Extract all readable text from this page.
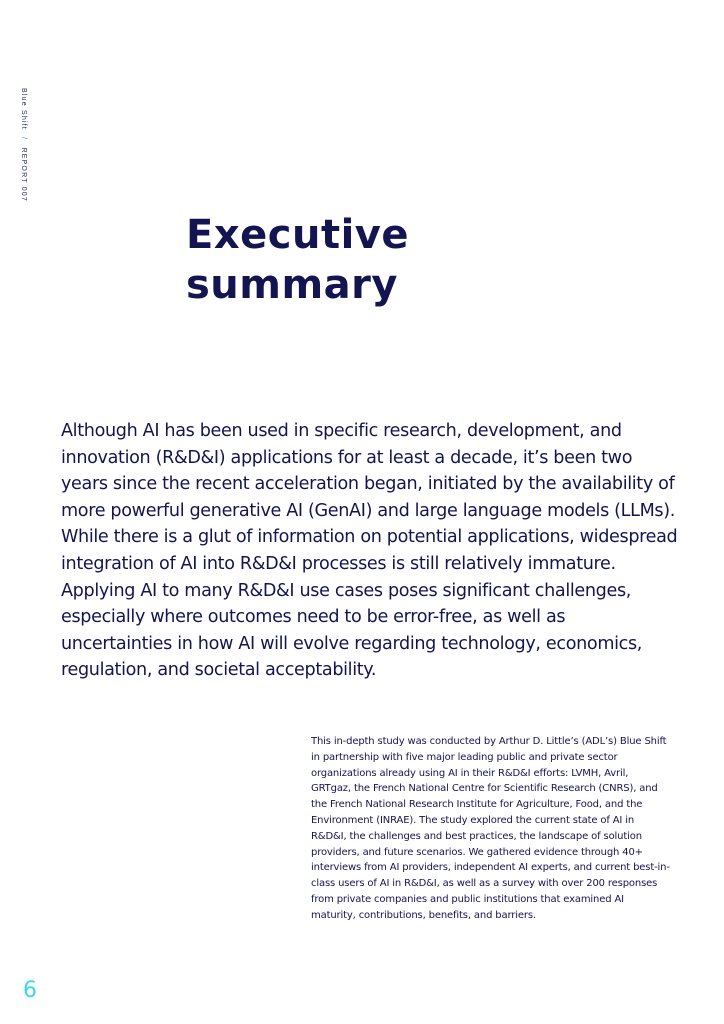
Blue Shift / REPORT 007
Executive
summary

Although AI has been used in specific research, development, and innovation (R&D&I) applications for at least a decade, it’s been two years since the recent acceleration began, initiated by the availability of more powerful generative AI (GenAI) and large language models (LLMs). While there is a glut of information on potential applications, widespread integration of AI into R&D&I processes is still relatively immature. Applying AI to many R&D&I use cases poses significant challenges, especially where outcomes need to be error-free, as well as uncertainties in how AI will evolve regarding technology, economics, regulation, and societal acceptability.

This in-depth study was conducted by Arthur D. Little’s (ADL’s) Blue Shift in partnership with five major leading public and private sector organizations already using AI in their R&D&I efforts: LVMH, Avril, GRTgaz, the French National Centre for Scientific Research (CNRS), and the French National Research Institute for Agriculture, Food, and the Environment (INRAE). The study explored the current state of AI in R&D&I, the challenges and best practices, the landscape of solution providers, and future scenarios. We gathered evidence through 40+ interviews from AI providers, independent AI experts, and current best-in-class users of AI in R&D&I, as well as a survey with over 200 responses from private companies and public institutions that examined AI maturity, contributions, benefits, and barriers.

6
